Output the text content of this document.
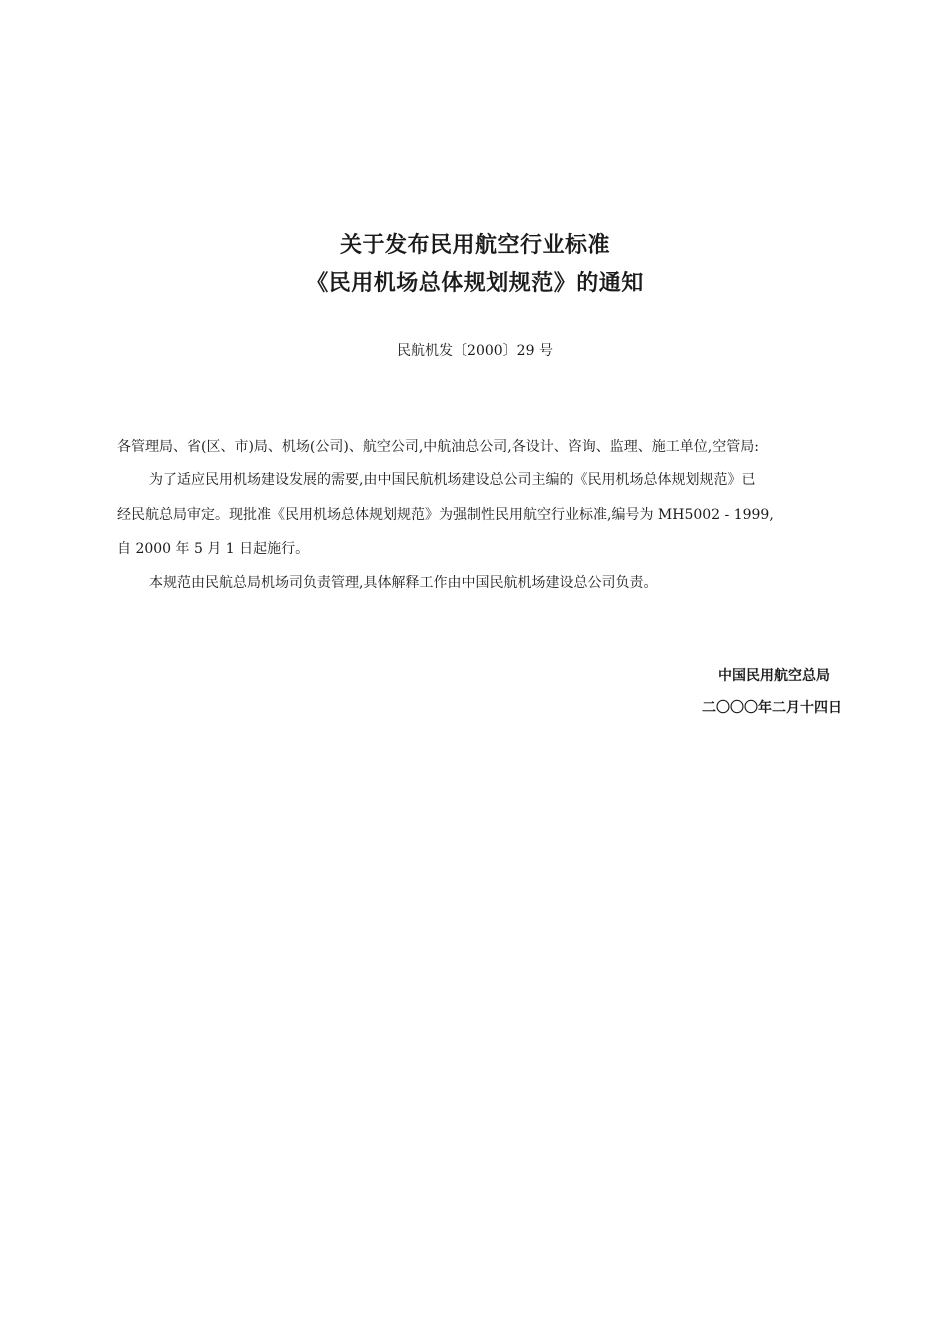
关于发布民用航空行业标准
《民用机场总体规划规范》的通知
民航机发〔2000〕29 号
各管理局、省(区、市)局、机场(公司)、航空公司,中航油总公司,各设计、咨询、监理、施工单位,空管局:
为了适应民用机场建设发展的需要,由中国民航机场建设总公司主编的《民用机场总体规划规范》已
经民航总局审定。现批准《民用机场总体规划规范》为强制性民用航空行业标准,编号为 MH5002 - 1999,
自 2000 年 5 月 1 日起施行。
本规范由民航总局机场司负责管理,具体解释工作由中国民航机场建设总公司负责。
中国民用航空总局
二〇〇〇年二月十四日
